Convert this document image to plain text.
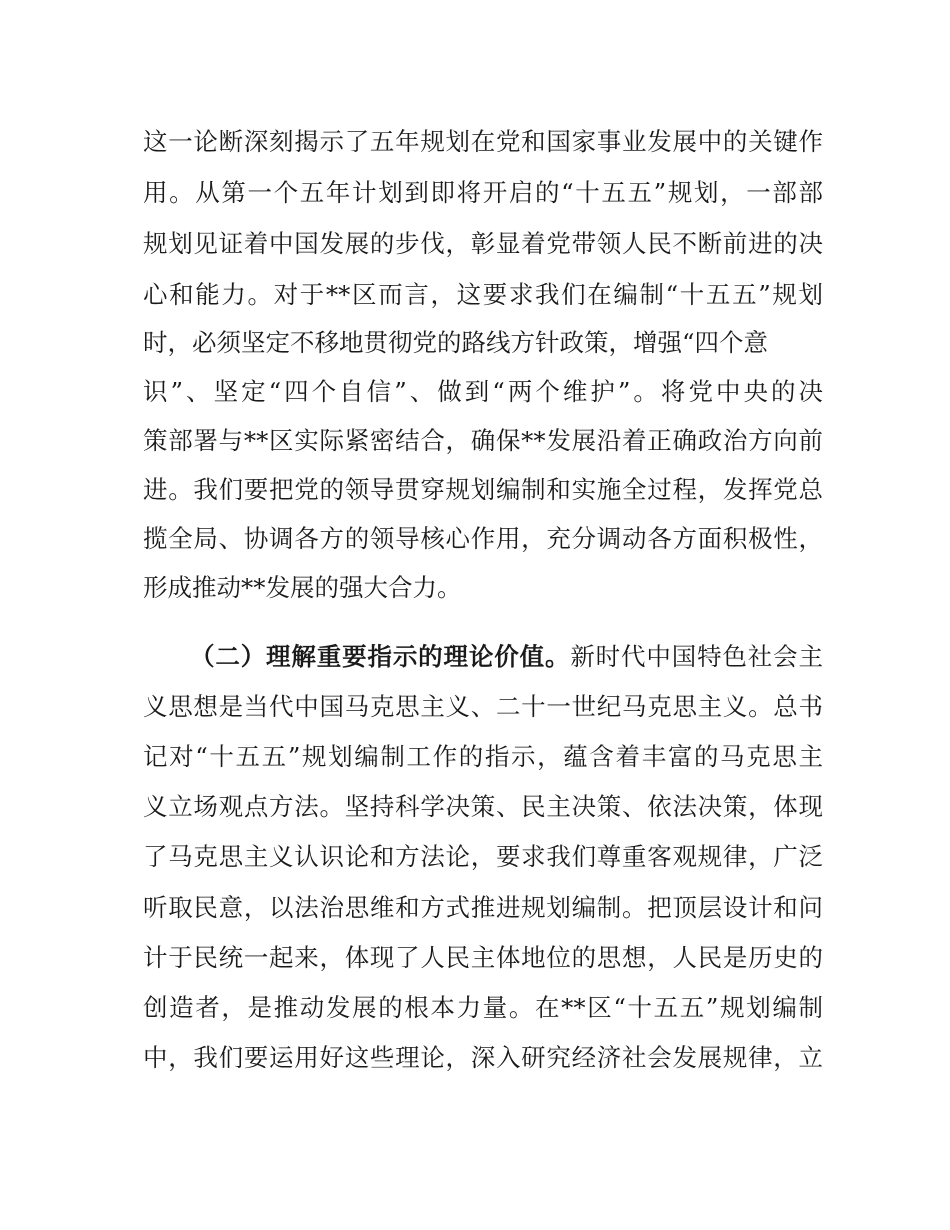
这一论断深刻揭示了五年规划在党和国家事业发展中的关键作
用。从第一个五年计划到即将开启的“十五五”规划，一部部
规划见证着中国发展的步伐，彰显着党带领人民不断前进的决
心和能力。对于**区而言，这要求我们在编制“十五五”规划
时，必须坚定不移地贯彻党的路线方针政策，增强“四个意
识”、坚定“四个自信”、做到“两个维护”。将党中央的决
策部署与**区实际紧密结合，确保**发展沿着正确政治方向前
进。我们要把党的领导贯穿规划编制和实施全过程，发挥党总
揽全局、协调各方的领导核心作用，充分调动各方面积极性，
形成推动**发展的强大合力。
（二）理解重要指示的理论价值。新时代中国特色社会主
义思想是当代中国马克思主义、二十一世纪马克思主义。总书
记对“十五五”规划编制工作的指示，蕴含着丰富的马克思主
义立场观点方法。坚持科学决策、民主决策、依法决策，体现
了马克思主义认识论和方法论，要求我们尊重客观规律，广泛
听取民意，以法治思维和方式推进规划编制。把顶层设计和问
计于民统一起来，体现了人民主体地位的思想，人民是历史的
创造者，是推动发展的根本力量。在**区“十五五”规划编制
中，我们要运用好这些理论，深入研究经济社会发展规律，立
